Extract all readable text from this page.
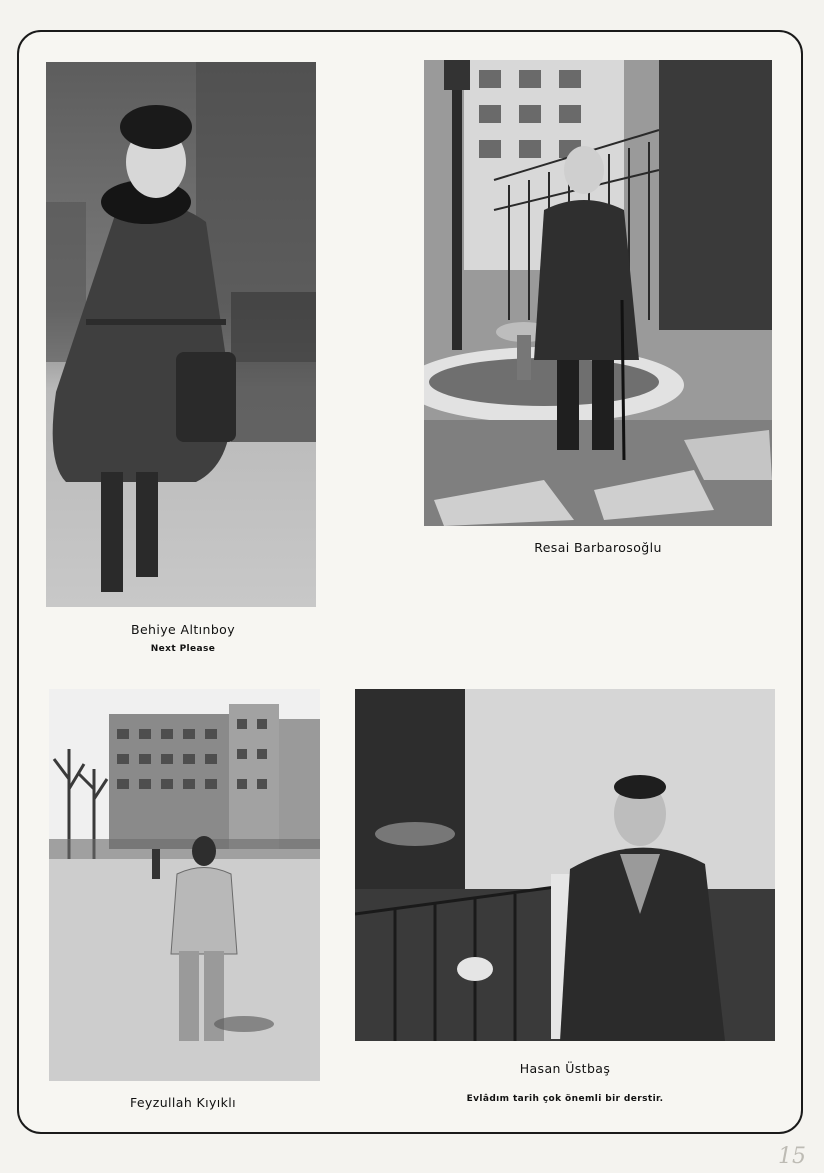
Behiye Altınboy
Next Please
Resai Barbarosoğlu
Feyzullah Kıyıklı
Hasan Üstbaş
Evlâdım tarih çok önemli bir derstir.
15
